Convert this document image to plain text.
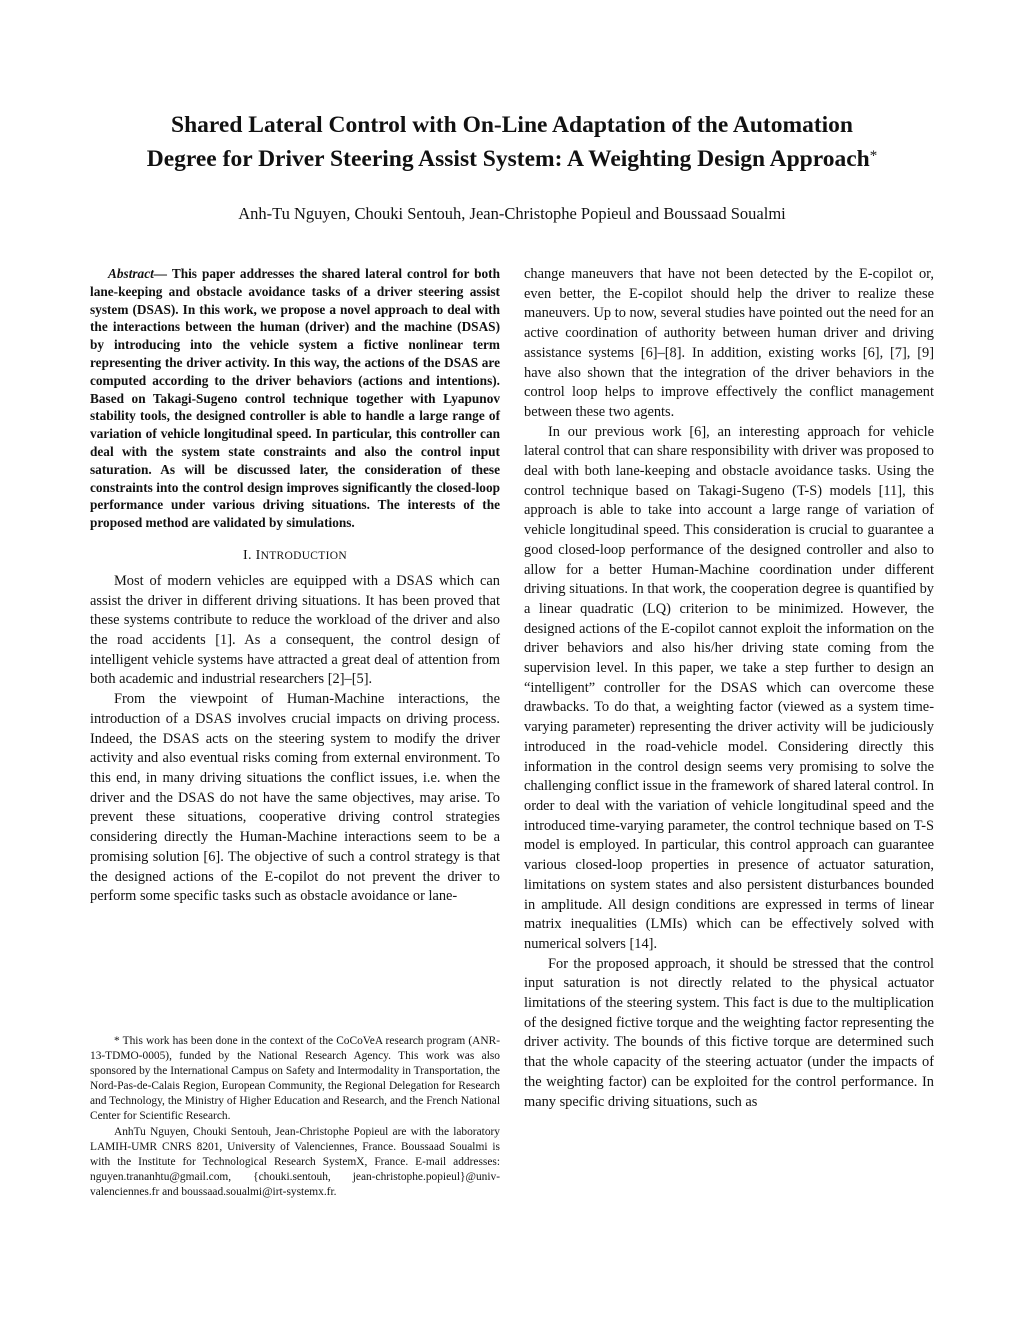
Shared Lateral Control with On-Line Adaptation of the Automation
Degree for Driver Steering Assist System: A Weighting Design Approach*
Anh-Tu Nguyen, Chouki Sentouh, Jean-Christophe Popieul and Boussaad Soualmi

Abstract— This paper addresses the shared lateral control for both lane-keeping and obstacle avoidance tasks of a driver steering assist system (DSAS). In this work, we propose a novel approach to deal with the interactions between the human (driver) and the machine (DSAS) by introducing into the vehicle system a fictive nonlinear term representing the driver activity. In this way, the actions of the DSAS are computed according to the driver behaviors (actions and intentions). Based on Takagi-Sugeno control technique together with Lyapunov stability tools, the designed controller is able to handle a large range of variation of vehicle longitudinal speed. In particular, this controller can deal with the system state constraints and also the control input saturation. As will be discussed later, the consideration of these constraints into the control design improves significantly the closed-loop performance under various driving situations. The interests of the proposed method are validated by simulations.

I. INTRODUCTION

Most of modern vehicles are equipped with a DSAS which can assist the driver in different driving situations. It has been proved that these systems contribute to reduce the workload of the driver and also the road accidents [1]. As a consequent, the control design of intelligent vehicle systems have attracted a great deal of attention from both academic and industrial researchers [2]–[5].

From the viewpoint of Human-Machine interactions, the introduction of a DSAS involves crucial impacts on driving process. Indeed, the DSAS acts on the steering system to modify the driver activity and also eventual risks coming from external environment. To this end, in many driving situations the conflict issues, i.e. when the driver and the DSAS do not have the same objectives, may arise. To prevent these situations, cooperative driving control strategies considering directly the Human-Machine interactions seem to be a promising solution [6]. The objective of such a control strategy is that the designed actions of the E-copilot do not prevent the driver to perform some specific tasks such as obstacle avoidance or lane-

* This work has been done in the context of the CoCoVeA research program (ANR-13-TDMO-0005), funded by the National Research Agency. This work was also sponsored by the International Campus on Safety and Intermodality in Transportation, the Nord-Pas-de-Calais Region, European Community, the Regional Delegation for Research and Technology, the Ministry of Higher Education and Research, and the French National Center for Scientific Research.

AnhTu Nguyen, Chouki Sentouh, Jean-Christophe Popieul are with the laboratory LAMIH-UMR CNRS 8201, University of Valenciennes, France. Boussaad Soualmi is with the Institute for Technological Research SystemX, France. E-mail addresses: nguyen.trananhtu@gmail.com, {chouki.sentouh, jean-christophe.popieul}@univ-valenciennes.fr and boussaad.soualmi@irt-systemx.fr.

change maneuvers that have not been detected by the E-copilot or, even better, the E-copilot should help the driver to realize these maneuvers. Up to now, several studies have pointed out the need for an active coordination of authority between human driver and driving assistance systems [6]–[8]. In addition, existing works [6], [7], [9] have also shown that the integration of the driver behaviors in the control loop helps to improve effectively the conflict management between these two agents.

In our previous work [6], an interesting approach for vehicle lateral control that can share responsibility with driver was proposed to deal with both lane-keeping and obstacle avoidance tasks. Using the control technique based on Takagi-Sugeno (T-S) models [11], this approach is able to take into account a large range of variation of vehicle longitudinal speed. This consideration is crucial to guarantee a good closed-loop performance of the designed controller and also to allow for a better Human-Machine coordination under different driving situations. In that work, the cooperation degree is quantified by a linear quadratic (LQ) criterion to be minimized. However, the designed actions of the E-copilot cannot exploit the information on the driver behaviors and also his/her driving state coming from the supervision level. In this paper, we take a step further to design an “intelligent” controller for the DSAS which can overcome these drawbacks. To do that, a weighting factor (viewed as a system time-varying parameter) representing the driver activity will be judiciously introduced in the road-vehicle model. Considering directly this information in the control design seems very promising to solve the challenging conflict issue in the framework of shared lateral control. In order to deal with the variation of vehicle longitudinal speed and the introduced time-varying parameter, the control technique based on T-S model is employed. In particular, this control approach can guarantee various closed-loop properties in presence of actuator saturation, limitations on system states and also persistent disturbances bounded in amplitude. All design conditions are expressed in terms of linear matrix inequalities (LMIs) which can be effectively solved with numerical solvers [14].

For the proposed approach, it should be stressed that the control input saturation is not directly related to the physical actuator limitations of the steering system. This fact is due to the multiplication of the designed fictive torque and the weighting factor representing the driver activity. The bounds of this fictive torque are determined such that the whole capacity of the steering actuator (under the impacts of the weighting factor) can be exploited for the control performance. In many specific driving situations, such as
